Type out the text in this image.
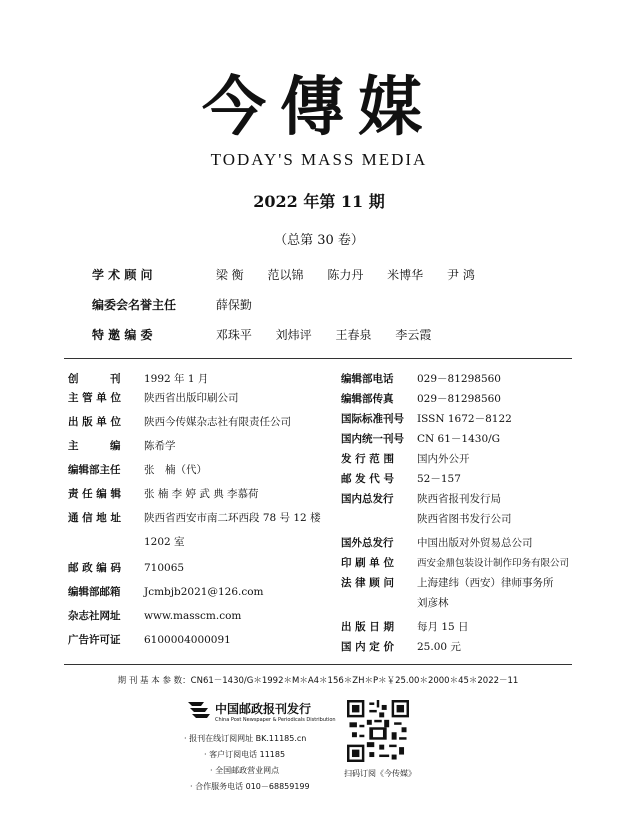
今傳媒
TODAY'S MASS MEDIA
2022 年第 11 期
（总第 30 卷）
学 术 顾 问	梁 衡 范以锦 陈力丹 米博华 尹 鸿
编委会名誉主任	薛保勤
特 邀 编 委	邓珠平 刘炜评 王春泉 李云霞
创　　　刊 1992 年 1 月
主 管 单 位 陕西省出版印刷公司
出 版 单 位 陕西今传媒杂志社有限责任公司
主　　　编 陈希学
编辑部主任 张　楠（代）
责 任 编 辑 张 楠 李 婷 武 典 李慕荷
通 信 地 址 陕西省西安市南二环西段 78 号 12 楼
1202 室
邮 政 编 码 710065
编辑部邮箱 Jcmbjb2021@126.com
杂志社网址 www.masscm.com
广告许可证 6100004000091
编辑部电话 029－81298560
编辑部传真 029－81298560
国际标准刊号 ISSN 1672－8122
国内统一刊号 CN 61－1430/G
发 行 范 围 国内外公开
邮 发 代 号 52－157
国内总发行 陕西省报刊发行局
陕西省图书发行公司
国外总发行 中国出版对外贸易总公司
印 刷 单 位 西安金鼎包装设计制作印务有限公司
法 律 顾 问 上海建纬（西安）律师事务所
刘彦林
出 版 日 期 每月 15 日
国 内 定 价 25.00 元
期 刊 基 本 参 数：CN61－1430/G＊1992＊M＊A4＊156＊ZH＊P＊￥25.00＊2000＊45＊2022－11
中国邮政报刊发行
China Post Newspaper & Periodicals Distribution
· 报刊在线订阅网址 BK.11185.cn
· 客户订阅电话 11185
· 全国邮政营业网点
· 合作服务电话 010－68859199
扫码订阅《今传媒》
